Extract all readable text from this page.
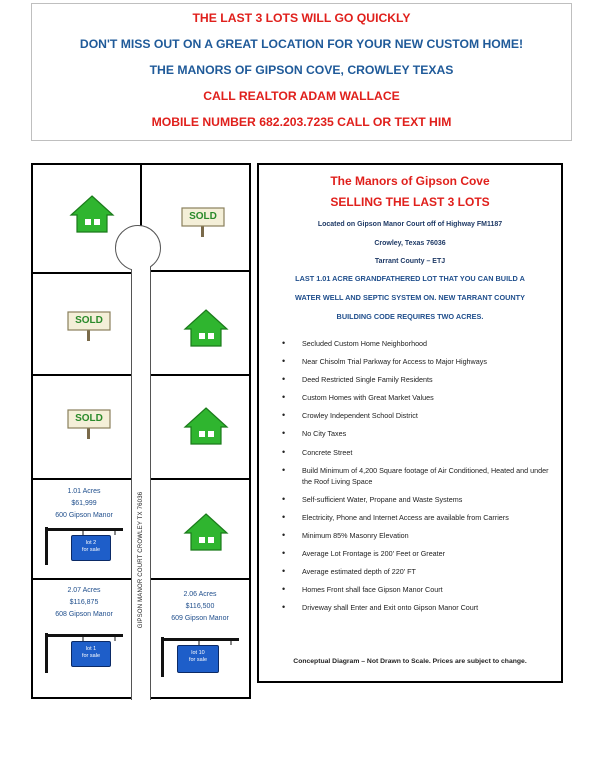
THE LAST 3 LOTS WILL GO QUICKLY
DON'T MISS OUT ON A GREAT LOCATION FOR YOUR NEW CUSTOM HOME!
THE MANORS OF GIPSON COVE, CROWLEY TEXAS
CALL REALTOR ADAM WALLACE
MOBILE NUMBER 682.203.7235 CALL OR TEXT HIM
GIPSON MANOR COURT CROWLEY TX 76036
SOLD
SOLD
SOLD
1.01 Acres
$61,999
600 Gipson Manor
lot 2
for sale
2.07 Acres
$116,875
608 Gipson Manor
lot 1
for sale
2.06 Acres
$116,500
609 Gipson Manor
lot 10
for sale
The Manors of Gipson Cove
SELLING THE LAST 3 LOTS
Located on Gipson Manor Court off of Highway FM1187
Crowley, Texas 76036
Tarrant County – ETJ
LAST 1.01 ACRE GRANDFATHERED LOT THAT YOU CAN BUILD A
WATER WELL AND SEPTIC SYSTEM ON. NEW TARRANT COUNTY
BUILDING CODE REQUIRES TWO ACRES.
• Secluded Custom Home Neighborhood
• Near Chisolm Trial Parkway for Access to Major Highways
• Deed Restricted Single Family Residents
• Custom Homes with Great Market Values
• Crowley Independent School District
• No City Taxes
• Concrete Street
• Build Minimum of 4,200 Square footage of Air Conditioned, Heated and under the Roof Living Space
• Self-sufficient Water, Propane and Waste Systems
• Electricity, Phone and Internet Access are available from Carriers
• Minimum 85% Masonry Elevation
• Average Lot Frontage is 200' Feet or Greater
• Average estimated depth of 220' FT
• Homes Front shall face Gipson Manor Court
• Driveway shall Enter and Exit onto Gipson Manor Court
Conceptual Diagram – Not Drawn to Scale. Prices are subject to change.
